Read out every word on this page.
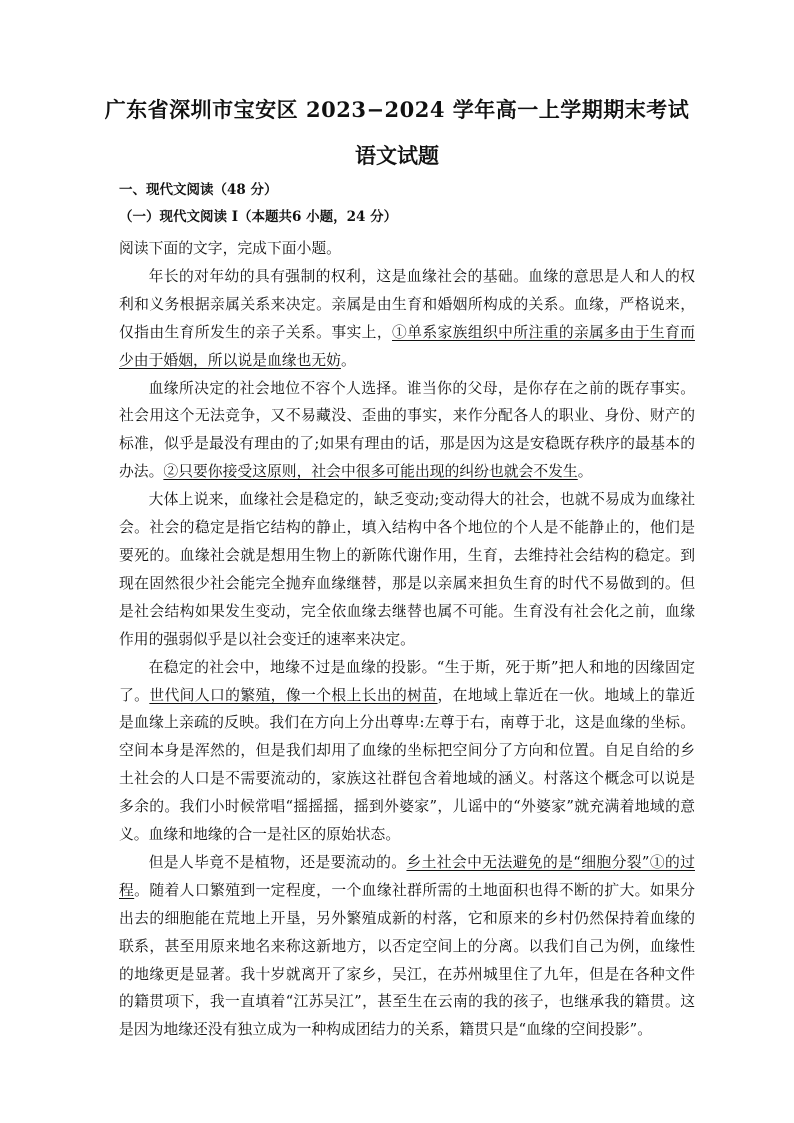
广东省深圳市宝安区 2023−2024 学年高一上学期期末考试
语文试题
一、现代文阅读（48 分）
（一）现代文阅读 I（本题共6 小题，24 分）

阅读下面的文字，完成下面小题。

年长的对年幼的具有强制的权利，这是血缘社会的基础。血缘的意思是人和人的权利和义务根据亲属关系来决定。亲属是由生育和婚姻所构成的关系。血缘，严格说来，仅指由生育所发生的亲子关系。事实上，①单系家族组织中所注重的亲属多由于生育而少由于婚姻，所以说是血缘也无妨。

血缘所决定的社会地位不容个人选择。谁当你的父母，是你存在之前的既存事实。社会用这个无法竞争，又不易藏没、歪曲的事实，来作分配各人的职业、身份、财产的标准，似乎是最没有理由的了;如果有理由的话，那是因为这是安稳既存秩序的最基本的办法。②只要你接受这原则，社会中很多可能出现的纠纷也就会不发生。

大体上说来，血缘社会是稳定的，缺乏变动;变动得大的社会，也就不易成为血缘社会。社会的稳定是指它结构的静止，填入结构中各个地位的个人是不能静止的，他们是要死的。血缘社会就是想用生物上的新陈代谢作用，生育，去维持社会结构的稳定。到现在固然很少社会能完全抛弃血缘继替，那是以亲属来担负生育的时代不易做到的。但是社会结构如果发生变动，完全依血缘去继替也属不可能。生育没有社会化之前，血缘作用的强弱似乎是以社会变迁的速率来决定。

在稳定的社会中，地缘不过是血缘的投影。“生于斯，死于斯”把人和地的因缘固定了。世代间人口的繁殖，像一个根上长出的树苗，在地域上靠近在一伙。地域上的靠近是血缘上亲疏的反映。我们在方向上分出尊卑:左尊于右，南尊于北，这是血缘的坐标。空间本身是浑然的，但是我们却用了血缘的坐标把空间分了方向和位置。自足自给的乡土社会的人口是不需要流动的，家族这社群包含着地域的涵义。村落这个概念可以说是多余的。我们小时候常唱“摇摇摇，摇到外婆家”，儿谣中的“外婆家”就充满着地域的意义。血缘和地缘的合一是社区的原始状态。

但是人毕竟不是植物，还是要流动的。乡土社会中无法避免的是“细胞分裂”①的过程。随着人口繁殖到一定程度，一个血缘社群所需的土地面积也得不断的扩大。如果分出去的细胞能在荒地上开垦，另外繁殖成新的村落，它和原来的乡村仍然保持着血缘的联系，甚至用原来地名来称这新地方，以否定空间上的分离。以我们自己为例，血缘性的地缘更是显著。我十岁就离开了家乡，吴江，在苏州城里住了九年，但是在各种文件的籍贯项下，我一直填着“江苏吴江”，甚至生在云南的我的孩子，也继承我的籍贯。这是因为地缘还没有独立成为一种构成团结力的关系，籍贯只是“血缘的空间投影”。
